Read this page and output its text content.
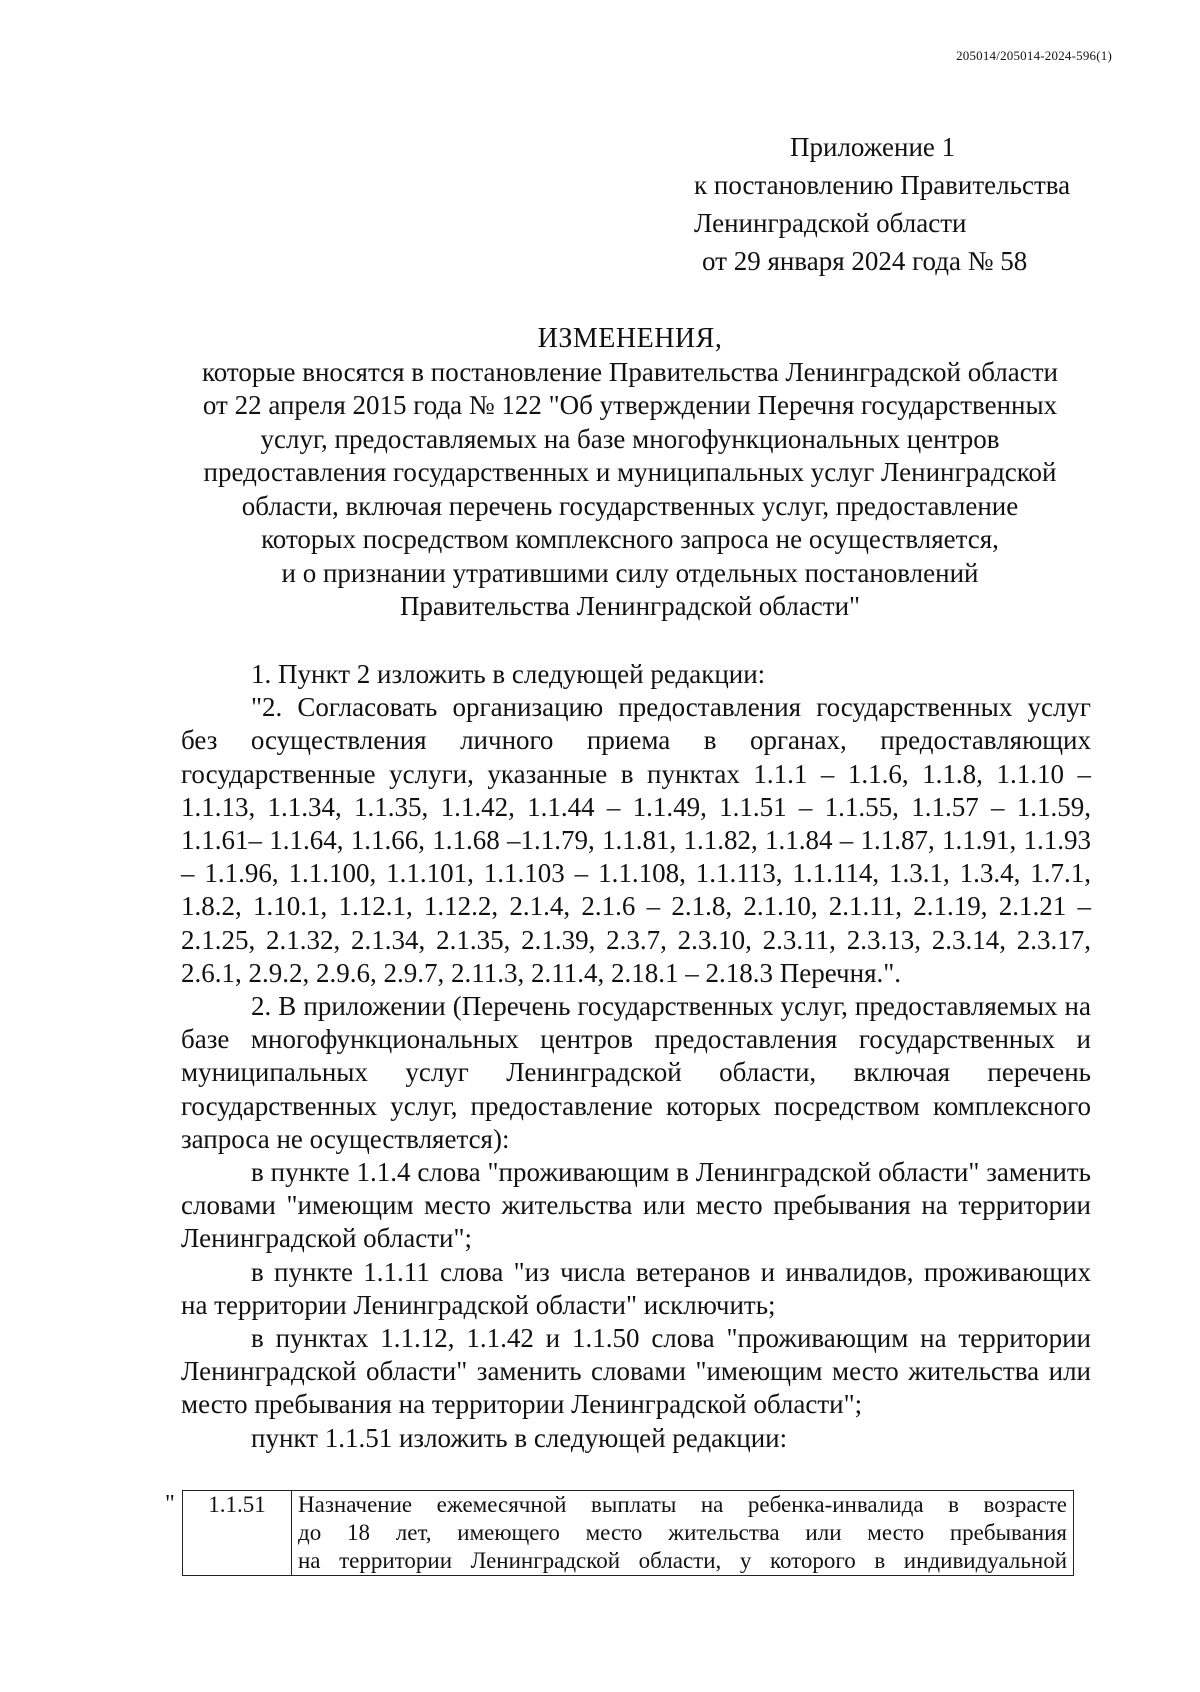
205014/205014-2024-596(1)
Приложение 1
к постановлению Правительства
Ленинградской области
от 29 января 2024 года № 58
ИЗМЕНЕНИЯ,
которые вносятся в постановление Правительства Ленинградской области
от 22 апреля 2015 года № 122 "Об утверждении Перечня государственных
услуг, предоставляемых на базе многофункциональных центров
предоставления государственных и муниципальных услуг Ленинградской
области, включая перечень государственных услуг, предоставление
которых посредством комплексного запроса не осуществляется,
и о признании утратившими силу отдельных постановлений
Правительства Ленинградской области"

1. Пункт 2 изложить в следующей редакции:

"2. Согласовать организацию предоставления государственных услуг без осуществления личного приема в органах, предоставляющих государственные услуги, указанные в пунктах 1.1.1 – 1.1.6, 1.1.8, 1.1.10 – 1.1.13, 1.1.34, 1.1.35, 1.1.42, 1.1.44 – 1.1.49, 1.1.51 – 1.1.55, 1.1.57 – 1.1.59, 1.1.61– 1.1.64, 1.1.66, 1.1.68 –1.1.79, 1.1.81, 1.1.82, 1.1.84 – 1.1.87, 1.1.91, 1.1.93 – 1.1.96, 1.1.100, 1.1.101, 1.1.103 – 1.1.108, 1.1.113, 1.1.114, 1.3.1, 1.3.4, 1.7.1, 1.8.2, 1.10.1, 1.12.1, 1.12.2, 2.1.4, 2.1.6 – 2.1.8, 2.1.10, 2.1.11, 2.1.19, 2.1.21 – 2.1.25, 2.1.32, 2.1.34, 2.1.35, 2.1.39, 2.3.7, 2.3.10, 2.3.11, 2.3.13, 2.3.14, 2.3.17, 2.6.1, 2.9.2, 2.9.6, 2.9.7, 2.11.3, 2.11.4, 2.18.1 – 2.18.3 Перечня.".

2. В приложении (Перечень государственных услуг, предоставляемых на базе многофункциональных центров предоставления государственных и муниципальных услуг Ленинградской области, включая перечень государственных услуг, предоставление которых посредством комплексного запроса не осуществляется):

в пункте 1.1.4 слова "проживающим в Ленинградской области" заменить словами "имеющим место жительства или место пребывания на территории Ленинградской области";

в пункте 1.1.11 слова "из числа ветеранов и инвалидов, проживающих на территории Ленинградской области" исключить;

в пунктах 1.1.12, 1.1.42 и 1.1.50 слова "проживающим на территории Ленинградской области" заменить словами "имеющим место жительства или место пребывания на территории Ленинградской области";

пункт 1.1.51 изложить в следующей редакции:

" 1.1.51	Назначение ежемесячной выплаты на ребенка-инвалида в возрасте
до 18 лет, имеющего место жительства или место пребывания
на территории Ленинградской области, у которого в индивидуальной
